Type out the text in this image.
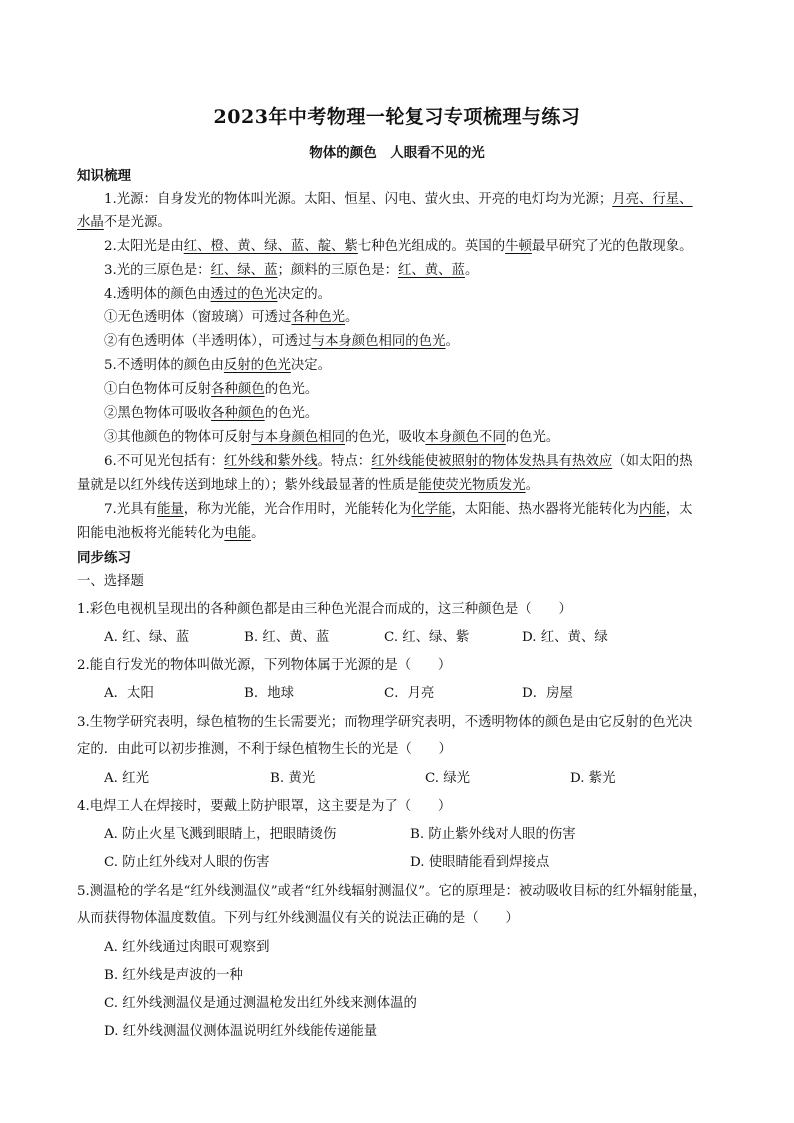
2023年中考物理一轮复习专项梳理与练习
物体的颜色　人眼看不见的光
知识梳理
1.光源：自身发光的物体叫光源。太阳、恒星、闪电、萤火虫、开亮的电灯均为光源；月亮、行星、
水晶不是光源。
2.太阳光是由红、橙、黄、绿、蓝、靛、紫七种色光组成的。英国的牛顿最早研究了光的色散现象。
3.光的三原色是：红、绿、蓝；颜料的三原色是：红、黄、蓝。
4.透明体的颜色由透过的色光决定的。
①无色透明体（窗玻璃）可透过各种色光。
②有色透明体（半透明体），可透过与本身颜色相同的色光。
5.不透明体的颜色由反射的色光决定。
①白色物体可反射各种颜色的色光。
②黑色物体可吸收各种颜色的色光。
③其他颜色的物体可反射与本身颜色相同的色光，吸收本身颜色不同的色光。
6.不可见光包括有：红外线和紫外线。特点：红外线能使被照射的物体发热具有热效应（如太阳的热
量就是以红外线传送到地球上的）；紫外线最显著的性质是能使荧光物质发光。
7.光具有能量，称为光能，光合作用时，光能转化为化学能，太阳能、热水器将光能转化为内能，太
阳能电池板将光能转化为电能。
同步练习
一、选择题
1.彩色电视机呈现出的各种颜色都是由三种色光混合而成的，这三种颜色是（　　）
A. 红、绿、蓝	B. 红、黄、蓝	C. 红、绿、紫	D. 红、黄、绿
2.能自行发光的物体叫做光源，下列物体属于光源的是（　　）
A．太阳	B．地球	C．月亮	D．房屋
3.生物学研究表明，绿色植物的生长需要光；而物理学研究表明，不透明物体的颜色是由它反射的色光决
定的．由此可以初步推测，不利于绿色植物生长的光是（　　）
A. 红光	B. 黄光	C. 绿光	D. 紫光
4.电焊工人在焊接时，要戴上防护眼罩，这主要是为了（　　）
A. 防止火星飞溅到眼睛上，把眼睛烫伤	B. 防止紫外线对人眼的伤害
C. 防止红外线对人眼的伤害	D. 使眼睛能看到焊接点
5.测温枪的学名是“红外线测温仪”或者“红外线辐射测温仪”。它的原理是：被动吸收目标的红外辐射能量，
从而获得物体温度数值。下列与红外线测温仪有关的说法正确的是（　　）
A. 红外线通过肉眼可观察到
B. 红外线是声波的一种
C. 红外线测温仪是通过测温枪发出红外线来测体温的
D. 红外线测温仪测体温说明红外线能传递能量
